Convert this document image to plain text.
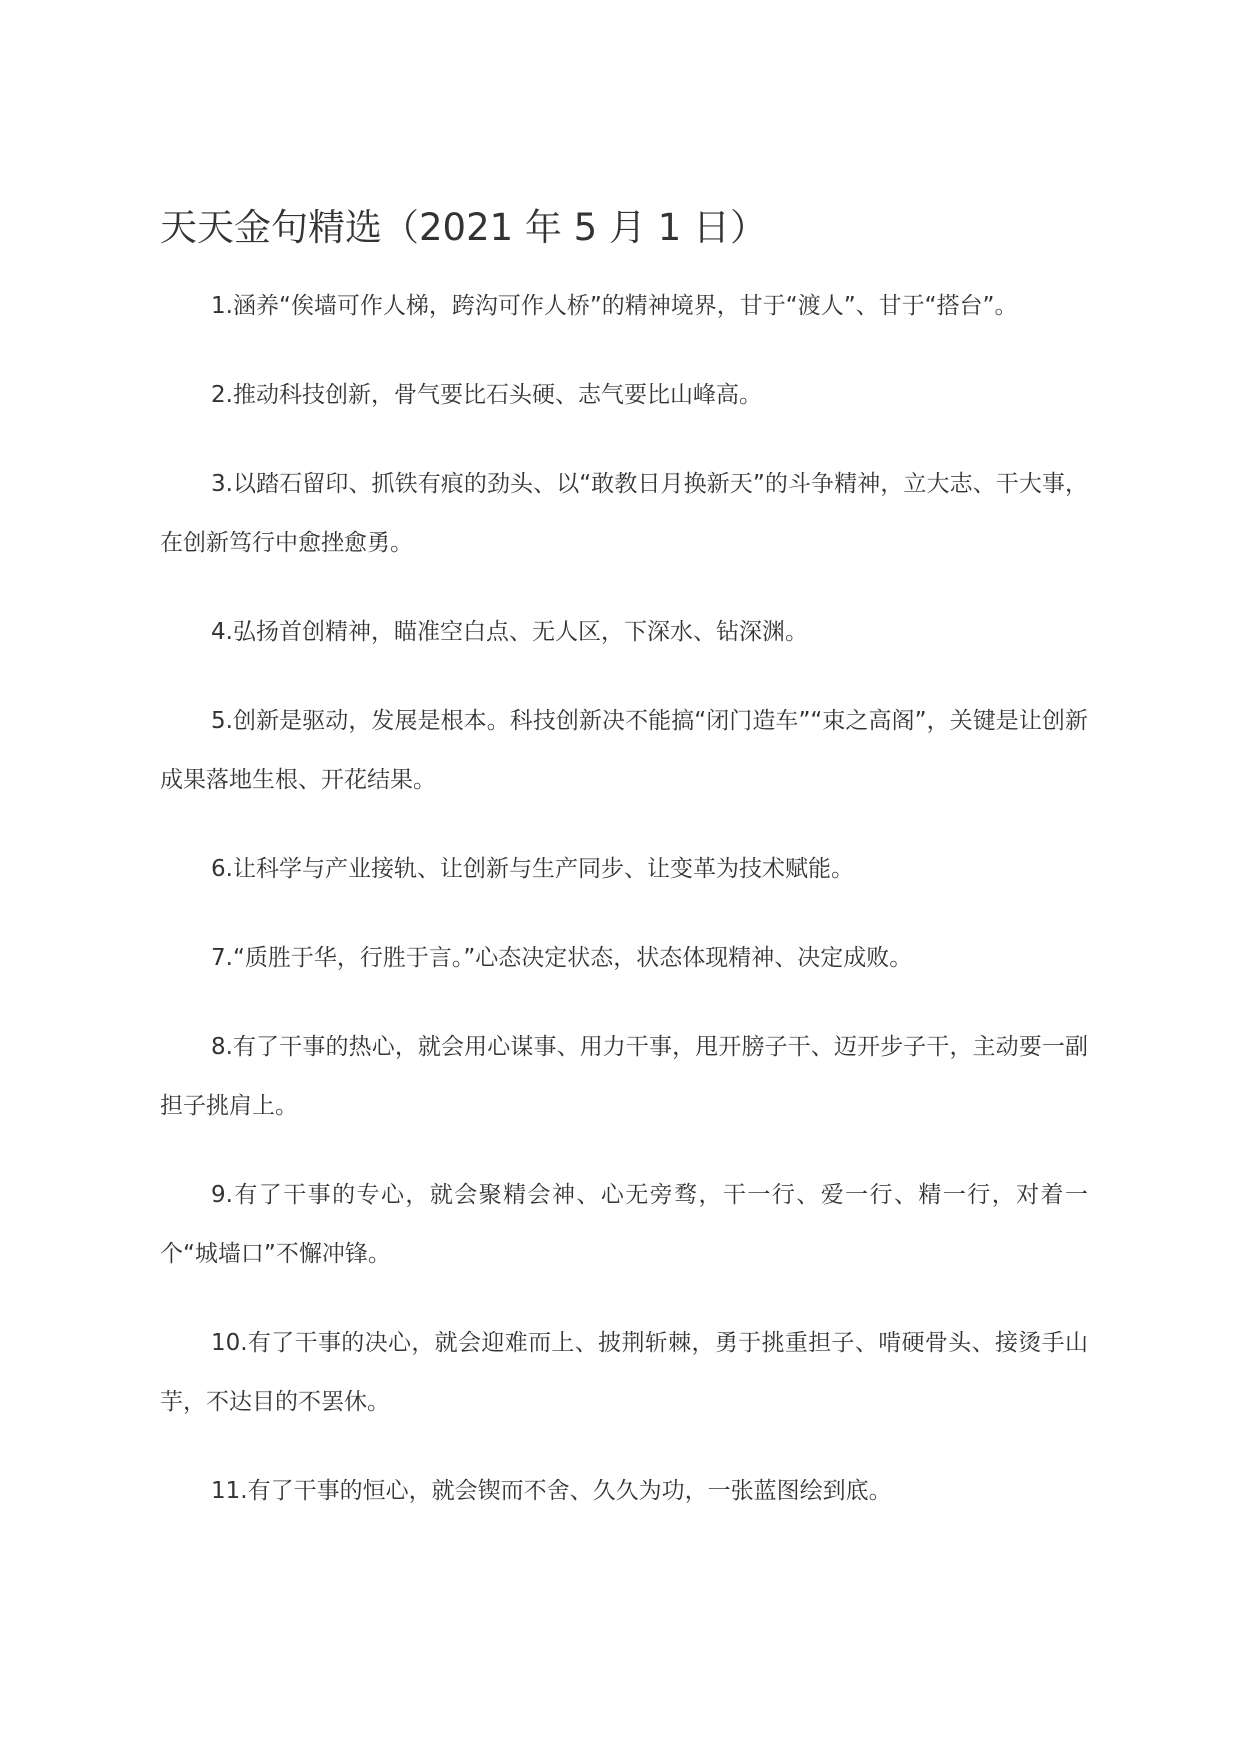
天天金句精选（2021 年 5 月 1 日）

1.涵养“俟墙可作人梯，跨沟可作人桥”的精神境界，甘于“渡人”、甘于“搭台”。

2.推动科技创新，骨气要比石头硬、志气要比山峰高。

3.以踏石留印、抓铁有痕的劲头、以“敢教日月换新天”的斗争精神，立大志、干大事，在创新笃行中愈挫愈勇。

4.弘扬首创精神，瞄准空白点、无人区，下深水、钻深渊。

5.创新是驱动，发展是根本。科技创新决不能搞“闭门造车”“束之高阁”，关键是让创新成果落地生根、开花结果。

6.让科学与产业接轨、让创新与生产同步、让变革为技术赋能。

7.“质胜于华，行胜于言。”心态决定状态，状态体现精神、决定成败。

8.有了干事的热心，就会用心谋事、用力干事，甩开膀子干、迈开步子干，主动要一副担子挑肩上。

9.有了干事的专心，就会聚精会神、心无旁骛，干一行、爱一行、精一行，对着一个“城墙口”不懈冲锋。

10.有了干事的决心，就会迎难而上、披荆斩棘，勇于挑重担子、啃硬骨头、接烫手山芋，不达目的不罢休。

11.有了干事的恒心，就会锲而不舍、久久为功，一张蓝图绘到底。
